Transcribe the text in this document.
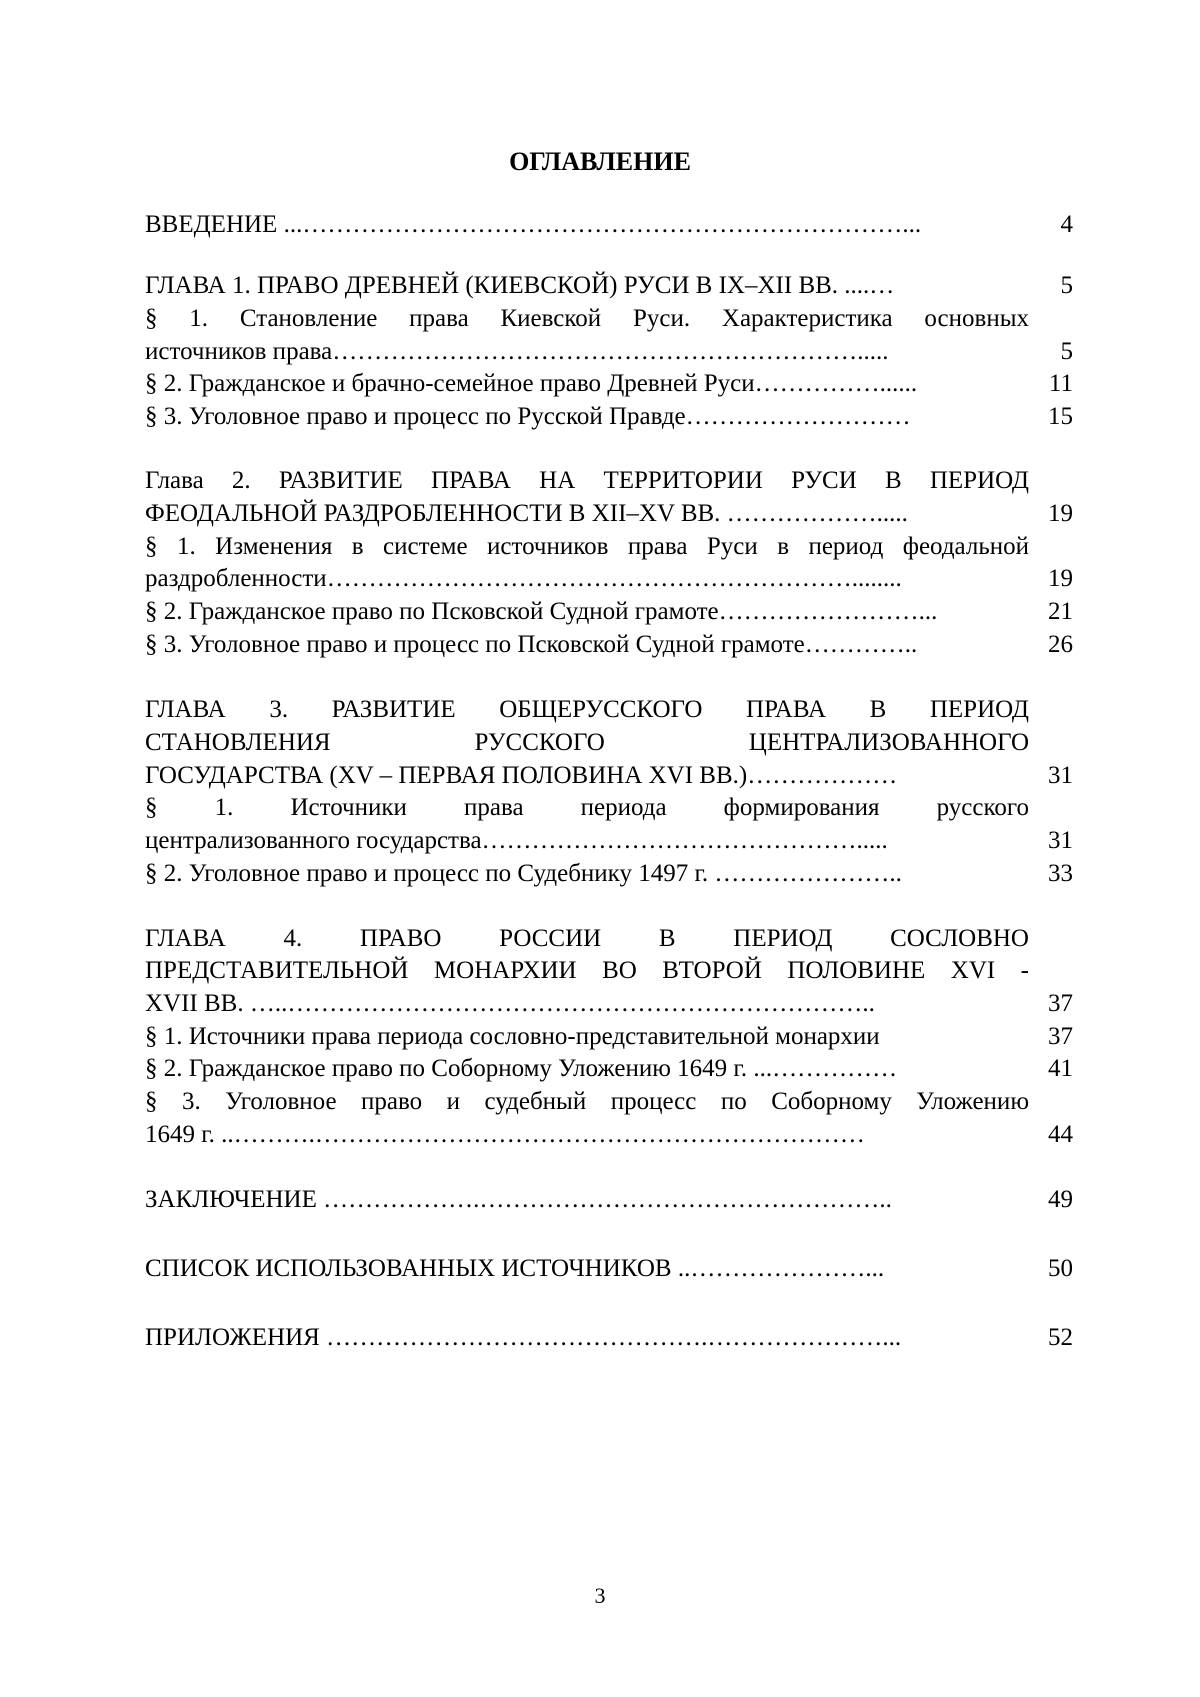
ОГЛАВЛЕНИЕ
ВВЕДЕНИЕ ...………………………………………………………………...	4
ГЛАВА 1. ПРАВО ДРЕВНЕЙ (КИЕВСКОЙ) РУСИ В IX–XII ВВ. ....…	5
§ 1. Становление права Киевской Руси. Характеристика основных
источников права……………………………………………………….....	5
§ 2. Гражданское и брачно-семейное право Древней Руси……………......	11
§ 3. Уголовное право и процесс по Русской Правде………………………	15
Глава 2. РАЗВИТИЕ ПРАВА НА ТЕРРИТОРИИ РУСИ В ПЕРИОД
ФЕОДАЛЬНОЙ РАЗДРОБЛЕННОСТИ В XII–XV ВВ. ……………….....	19
§ 1. Изменения в системе источников права Руси в период феодальной
раздробленности………………………………………………………........	19
§ 2. Гражданское право по Псковской Судной грамоте……………………...	21
§ 3. Уголовное право и процесс по Псковской Судной грамоте…………..	26
ГЛАВА 3. РАЗВИТИЕ ОБЩЕРУССКОГО ПРАВА В ПЕРИОД
СТАНОВЛЕНИЯ РУССКОГО ЦЕНТРАЛИЗОВАННОГО
ГОСУДАРСТВА (XV – ПЕРВАЯ ПОЛОВИНА XVI ВВ.)………………	31
§ 1. Источники права периода формирования русского
централизованного государства……………………………………….....	31
§ 2. Уголовное право и процесс по Судебнику 1497 г. …………………..	33
ГЛАВА 4. ПРАВО РОССИИ В ПЕРИОД СОСЛОВНО
ПРЕДСТАВИТЕЛЬНОЙ МОНАРХИИ ВО ВТОРОЙ ПОЛОВИНЕ XVI -
XVII ВВ. …..……………………………………………………………..	37
§ 1. Источники права периода сословно-представительной монархии	37
§ 2. Гражданское право по Соборному Уложению 1649 г. ...……………	41
§ 3. Уголовное право и судебный процесс по Соборному Уложению
1649 г. ..……….…………………………………………………………	44
ЗАКЛЮЧЕНИЕ ……………….…………………………………………..	49
СПИСОК ИСПОЛЬЗОВАННЫХ ИСТОЧНИКОВ ..…………………...	50
ПРИЛОЖЕНИЯ ……………………………………….…………………...	52
3
